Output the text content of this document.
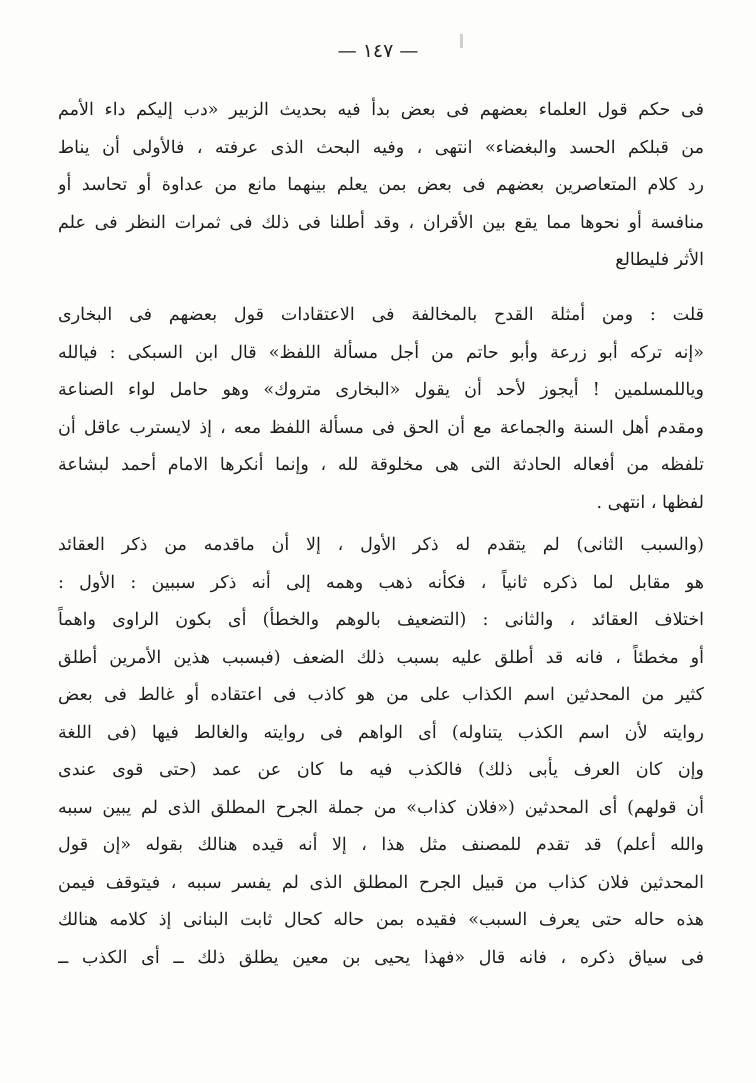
— ١٤٧ —
فى حكم قول العلماء بعضهم فى بعض بدأ فيه بحديث الزبير «دب إليكم داء الأمم
من قبلكم الحسد والبغضاء» انتهى ، وفيه البحث الذى عرفته ، فالأولى أن يناط
رد كلام المتعاصرين بعضهم فى بعض بمن يعلم بينهما مانع من عداوة أو تحاسد أو
منافسة أو نحوها مما يقع بين الأقران ، وقد أطلنا فى ذلك فى ثمرات النظر فى علم
الأثر فليطالع
قلت : ومن أمثلة القدح بالمخالفة فى الاعتقادات قول بعضهم فى البخارى
«إنه تركه أبو زرعة وأبو حاتم من أجل مسألة اللفظ» قال ابن السبكى : فيالله
وياللمسلمين ! أيجوز لأحد أن يقول «البخارى متروك» وهو حامل لواء الصناعة
ومقدم أهل السنة والجماعة مع أن الحق فى مسألة اللفظ معه ، إذ لايسترب عاقل أن
تلفظه من أفعاله الحادثة التى هى مخلوقة لله ، وإنما أنكرها الامام أحمد لبشاعة
لفظها ، انتهى .
(والسبب الثانى) لم يتقدم له ذكر الأول ، إلا أن ماقدمه من ذكر العقائد
هو مقابل لما ذكره ثانياً ، فكأنه ذهب وهمه إلى أنه ذكر سببين : الأول :
اختلاف العقائد ، والثانى : (التضعيف بالوهم والخطأ) أى بكون الراوى واهماً
أو مخطئاً ، فانه قد أطلق عليه بسبب ذلك الضعف (فبسبب هذين الأمرين أطلق
كثير من المحدثين اسم الكذاب على من هو كاذب فى اعتقاده أو غالط فى بعض
روايته لأن اسم الكذب يتناوله) أى الواهم فى روايته والغالط فيها (فى اللغة
وإن كان العرف يأبى ذلك) فالكذب فيه ما كان عن عمد (حتى قوى عندى
أن قولهم) أى المحدثين («فلان كذاب» من جملة الجرح المطلق الذى لم يبين سببه
والله أعلم) قد تقدم للمصنف مثل هذا ، إلا أنه قيده هنالك بقوله «إن قول
المحدثين فلان كذاب من قبيل الجرح المطلق الذى لم يفسر سببه ، فيتوقف فيمن
هذه حاله حتى يعرف السبب» فقيده بمن حاله كحال ثابت البنانى إذ كلامه هنالك
فى سياق ذكره ، فانه قال «فهذا يحيى بن معين يطلق ذلك ــ أى الكذب ــ
